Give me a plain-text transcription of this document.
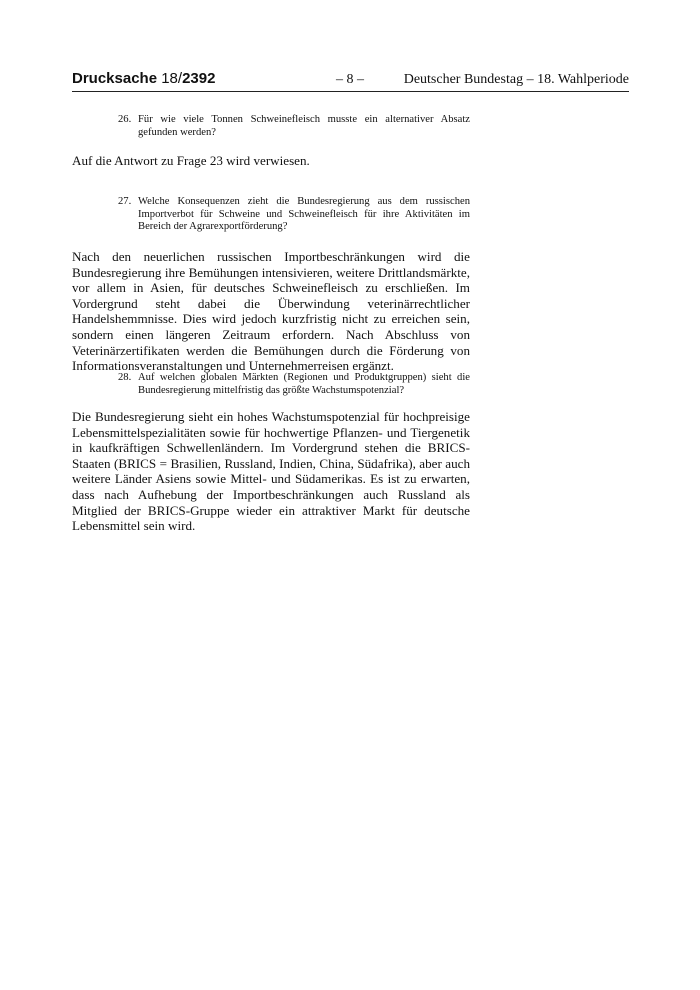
Drucksache 18/2392	– 8 –	Deutscher Bundestag – 18. Wahlperiode
26. Für wie viele Tonnen Schweinefleisch musste ein alternativer Absatz gefunden werden?

Auf die Antwort zu Frage 23 wird verwiesen.

27. Welche Konsequenzen zieht die Bundesregierung aus dem russischen Importverbot für Schweine und Schweinefleisch für ihre Aktivitäten im Bereich der Agrarexportförderung?

Nach den neuerlichen russischen Importbeschränkungen wird die Bundesregierung ihre Bemühungen intensivieren, weitere Drittlandsmärkte, vor allem in Asien, für deutsches Schweinefleisch zu erschließen. Im Vordergrund steht dabei die Überwindung veterinärrechtlicher Handelshemmnisse. Dies wird jedoch kurzfristig nicht zu erreichen sein, sondern einen längeren Zeitraum erfordern. Nach Abschluss von Veterinärzertifikaten werden die Bemühungen durch die Förderung von Informationsveranstaltungen und Unternehmerreisen ergänzt.

28. Auf welchen globalen Märkten (Regionen und Produktgruppen) sieht die Bundesregierung mittelfristig das größte Wachstumspotenzial?

Die Bundesregierung sieht ein hohes Wachstumspotenzial für hochpreisige Lebensmittelspezialitäten sowie für hochwertige Pflanzen- und Tiergenetik in kaufkräftigen Schwellenländern. Im Vordergrund stehen die BRICS-Staaten (BRICS = Brasilien, Russland, Indien, China, Südafrika), aber auch weitere Länder Asiens sowie Mittel- und Südamerikas. Es ist zu erwarten, dass nach Aufhebung der Importbeschränkungen auch Russland als Mitglied der BRICS-Gruppe wieder ein attraktiver Markt für deutsche Lebensmittel sein wird.
